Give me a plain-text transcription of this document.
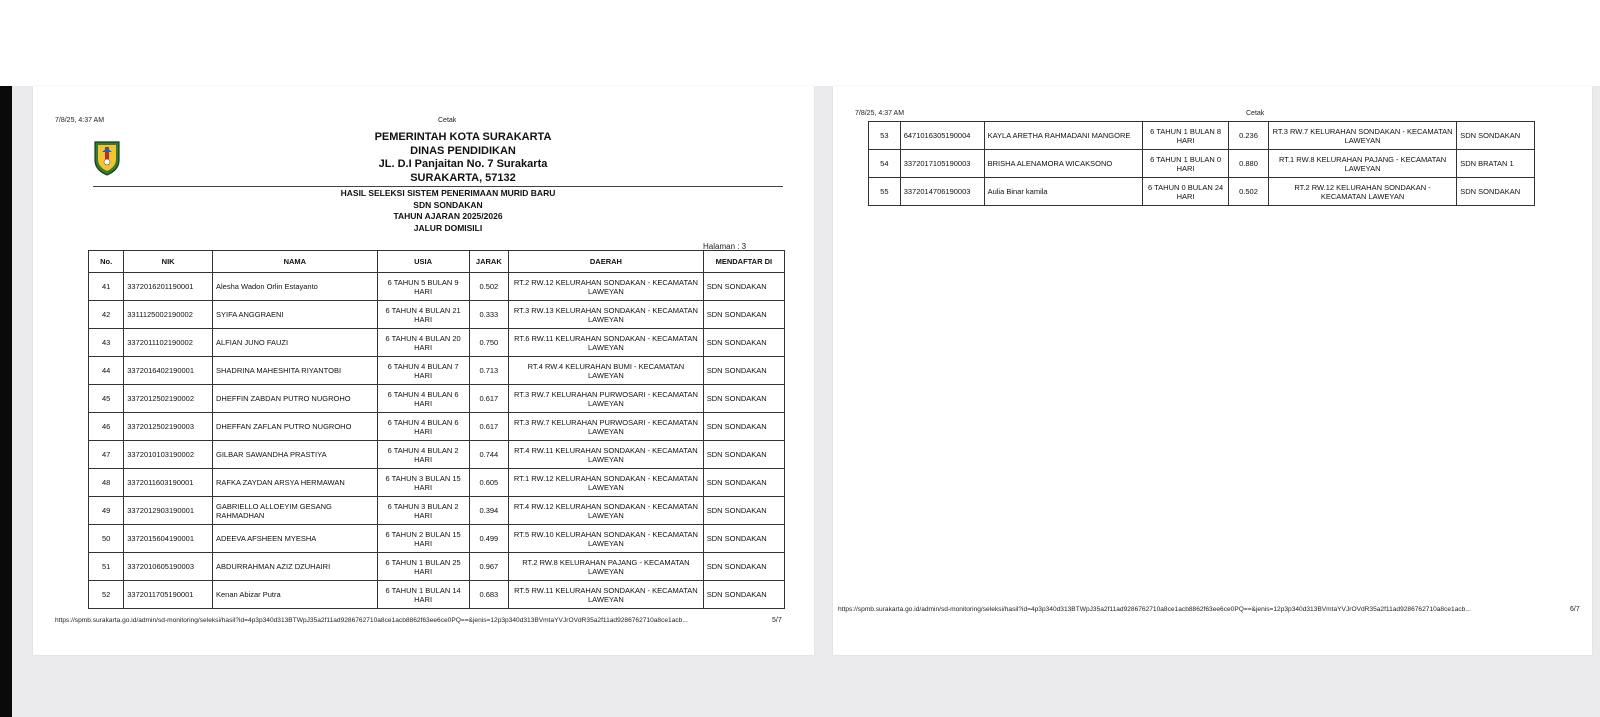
7/8/25, 4:37 AM	Cetak
PEMERINTAH KOTA SURAKARTA
DINAS PENDIDIKAN
JL. D.I Panjaitan No. 7 Surakarta
SURAKARTA, 57132
HASIL SELEKSI SISTEM PENERIMAAN MURID BARU
SDN SONDAKAN
TAHUN AJARAN 2025/2026
JALUR DOMISILI
Halaman : 3
No.	NIK	NAMA	USIA	JARAK	DAERAH	MENDAFTAR DI
41	3372016201190001	Alesha Wadon Orlin Estayanto	6 TAHUN 5 BULAN 9 HARI	0.502	RT.2 RW.12 KELURAHAN SONDAKAN - KECAMATAN LAWEYAN	SDN SONDAKAN
42	3311125002190002	SYIFA ANGGRAENI	6 TAHUN 4 BULAN 21 HARI	0.333	RT.3 RW.13 KELURAHAN SONDAKAN - KECAMATAN LAWEYAN	SDN SONDAKAN
43	3372011102190002	ALFIAN JUNO FAUZI	6 TAHUN 4 BULAN 20 HARI	0.750	RT.6 RW.11 KELURAHAN SONDAKAN - KECAMATAN LAWEYAN	SDN SONDAKAN
44	3372016402190001	SHADRINA MAHESHITA RIYANTOBI	6 TAHUN 4 BULAN 7 HARI	0.713	RT.4 RW.4 KELURAHAN BUMI - KECAMATAN LAWEYAN	SDN SONDAKAN
45	3372012502190002	DHEFFIN ZABDAN PUTRO NUGROHO	6 TAHUN 4 BULAN 6 HARI	0.617	RT.3 RW.7 KELURAHAN PURWOSARI - KECAMATAN LAWEYAN	SDN SONDAKAN
46	3372012502190003	DHEFFAN ZAFLAN PUTRO NUGROHO	6 TAHUN 4 BULAN 6 HARI	0.617	RT.3 RW.7 KELURAHAN PURWOSARI - KECAMATAN LAWEYAN	SDN SONDAKAN
47	3372010103190002	GILBAR SAWANDHA PRASTIYA	6 TAHUN 4 BULAN 2 HARI	0.744	RT.4 RW.11 KELURAHAN SONDAKAN - KECAMATAN LAWEYAN	SDN SONDAKAN
48	3372011603190001	RAFKA ZAYDAN ARSYA HERMAWAN	6 TAHUN 3 BULAN 15 HARI	0.605	RT.1 RW.12 KELURAHAN SONDAKAN - KECAMATAN LAWEYAN	SDN SONDAKAN
49	3372012903190001	GABRIELLO ALLOEYIM GESANG RAHMADHAN	6 TAHUN 3 BULAN 2 HARI	0.394	RT.4 RW.12 KELURAHAN SONDAKAN - KECAMATAN LAWEYAN	SDN SONDAKAN
50	3372015604190001	ADEEVA AFSHEEN MYESHA	6 TAHUN 2 BULAN 15 HARI	0.499	RT.5 RW.10 KELURAHAN SONDAKAN - KECAMATAN LAWEYAN	SDN SONDAKAN
51	3372010605190003	ABDURRAHMAN AZIZ DZUHAIRI	6 TAHUN 1 BULAN 25 HARI	0.967	RT.2 RW.8 KELURAHAN PAJANG - KECAMATAN LAWEYAN	SDN SONDAKAN
52	3372011705190001	Kenan Abizar Putra	6 TAHUN 1 BULAN 14 HARI	0.683	RT.5 RW.11 KELURAHAN SONDAKAN - KECAMATAN LAWEYAN	SDN SONDAKAN
https://spmb.surakarta.go.id/admin/sd-monitoring/seleksi/hasil?id=4p3p340d313BTWpJ35a2f11ad9286762710a8ce1acb8862f63ee6ce0PQ==&jenis=12p3p340d313BVmtaYVJrOVdR35a2f11ad9286762710a8ce1acb...	5/7
7/8/25, 4:37 AM	Cetak
53	6471016305190004	KAYLA ARETHA RAHMADANI MANGORE	6 TAHUN 1 BULAN 8 HARI	0.236	RT.3 RW.7 KELURAHAN SONDAKAN - KECAMATAN LAWEYAN	SDN SONDAKAN
54	3372017105190003	BRISHA ALENAMORA WICAKSONO	6 TAHUN 1 BULAN 0 HARI	0.880	RT.1 RW.8 KELURAHAN PAJANG - KECAMATAN LAWEYAN	SDN BRATAN 1
55	3372014706190003	Aulia Binar kamila	6 TAHUN 0 BULAN 24 HARI	0.502	RT.2 RW.12 KELURAHAN SONDAKAN - KECAMATAN LAWEYAN	SDN SONDAKAN
https://spmb.surakarta.go.id/admin/sd-monitoring/seleksi/hasil?id=4p3p340d313BTWpJ35a2f11ad9286762710a8ce1acb8862f63ee6ce0PQ==&jenis=12p3p340d313BVmtaYVJrOVdR35a2f11ad9286762710a8ce1acb...	6/7
